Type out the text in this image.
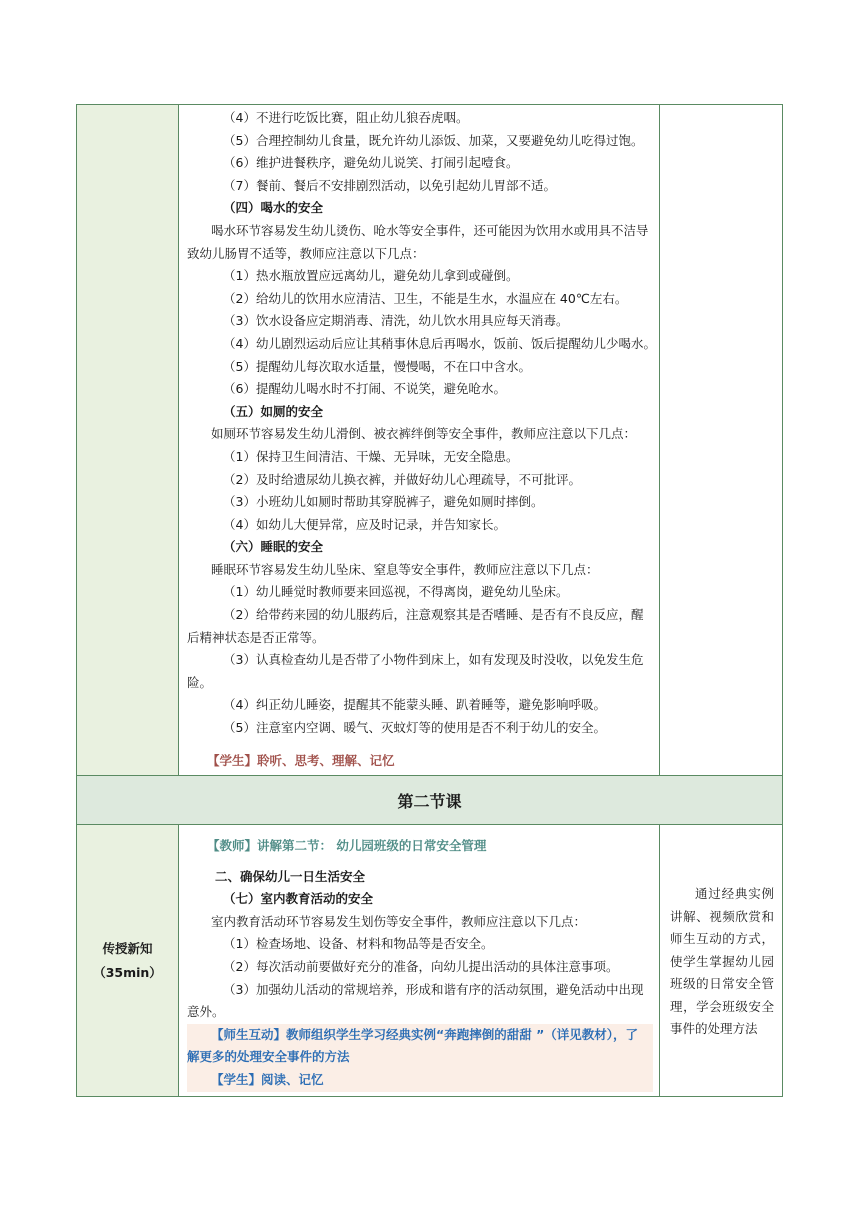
（4）不进行吃饭比赛，阻止幼儿狼吞虎咽。
（5）合理控制幼儿食量，既允许幼儿添饭、加菜，又要避免幼儿吃得过饱。
（6）维护进餐秩序，避免幼儿说笑、打闹引起噎食。
（7）餐前、餐后不安排剧烈活动，以免引起幼儿胃部不适。
（四）喝水的安全
喝水环节容易发生幼儿烫伤、呛水等安全事件，还可能因为饮用水或用具不洁导致幼儿肠胃不适等，教师应注意以下几点：
（1）热水瓶放置应远离幼儿，避免幼儿拿到或碰倒。
（2）给幼儿的饮用水应清洁、卫生，不能是生水，水温应在 40℃左右。
（3）饮水设备应定期消毒、清洗，幼儿饮水用具应每天消毒。
（4）幼儿剧烈运动后应让其稍事休息后再喝水，饭前、饭后提醒幼儿少喝水。
（5）提醒幼儿每次取水适量，慢慢喝，不在口中含水。
（6）提醒幼儿喝水时不打闹、不说笑，避免呛水。
（五）如厕的安全
如厕环节容易发生幼儿滑倒、被衣裤绊倒等安全事件，教师应注意以下几点：
（1）保持卫生间清洁、干燥、无异味，无安全隐患。
（2）及时给遗尿幼儿换衣裤，并做好幼儿心理疏导，不可批评。
（3）小班幼儿如厕时帮助其穿脱裤子，避免如厕时摔倒。
（4）如幼儿大便异常，应及时记录，并告知家长。
（六）睡眠的安全
睡眠环节容易发生幼儿坠床、窒息等安全事件，教师应注意以下几点：
（1）幼儿睡觉时教师要来回巡视，不得离岗，避免幼儿坠床。
（2）给带药来园的幼儿服药后，注意观察其是否嗜睡、是否有不良反应，醒
后精神状态是否正常等。
（3）认真检查幼儿是否带了小物件到床上，如有发现及时没收，以免发生危
险。
（4）纠正幼儿睡姿，提醒其不能蒙头睡、趴着睡等，避免影响呼吸。
（5）注意室内空调、暖气、灭蚊灯等的使用是否不利于幼儿的安全。
【学生】聆听、思考、理解、记忆
第二节课
传授新知
（35min）
【教师】讲解第二节： 幼儿园班级的日常安全管理
二、确保幼儿一日生活安全
（七）室内教育活动的安全
室内教育活动环节容易发生划伤等安全事件，教师应注意以下几点：
（1）检查场地、设备、材料和物品等是否安全。
（2）每次活动前要做好充分的准备，向幼儿提出活动的具体注意事项。
（3）加强幼儿活动的常规培养，形成和谐有序的活动氛围，避免活动中出现
意外。
【师生互动】教师组织学生学习经典实例“奔跑摔倒的甜甜 ”（详见教材），了
解更多的处理安全事件的方法
【学生】阅读、记忆
通过经典实例讲解、视频欣赏和师生互动的方式，使学生掌握幼儿园班级的日常安全管理，学会班级安全事件的处理方法
